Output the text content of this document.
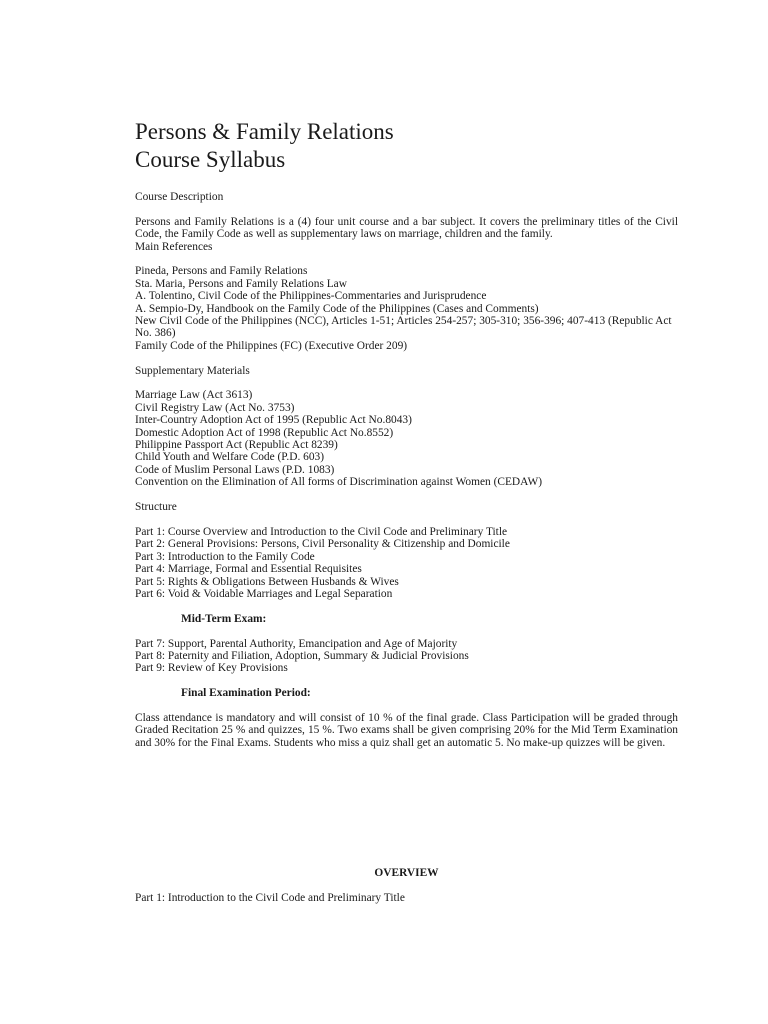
Persons & Family Relations
Course Syllabus

Course Description

Persons and Family Relations is a (4) four unit course and a bar subject. It covers the preliminary titles of the Civil Code, the Family Code as well as supplementary laws on marriage, children and the family.

Main References

Pineda, Persons and Family Relations
Sta. Maria, Persons and Family Relations Law
A. Tolentino, Civil Code of the Philippines-Commentaries and Jurisprudence
A. Sempio-Dy, Handbook on the Family Code of the Philippines (Cases and Comments)
New Civil Code of the Philippines (NCC), Articles 1-51; Articles 254-257; 305-310; 356-396; 407-413 (Republic Act No. 386)
Family Code of the Philippines (FC) (Executive Order 209)

Supplementary Materials

Marriage Law (Act 3613)
Civil Registry Law (Act No. 3753)
Inter-Country Adoption Act of 1995 (Republic Act No.8043)
Domestic Adoption Act of 1998 (Republic Act No.8552)
Philippine Passport Act (Republic Act 8239)
Child Youth and Welfare Code (P.D. 603)
Code of Muslim Personal Laws (P.D. 1083)
Convention on the Elimination of All forms of Discrimination against Women (CEDAW)

Structure

Part 1: Course Overview and Introduction to the Civil Code and Preliminary Title
Part 2: General Provisions: Persons, Civil Personality & Citizenship and Domicile
Part 3: Introduction to the Family Code
Part 4: Marriage, Formal and Essential Requisites
Part 5: Rights & Obligations Between Husbands & Wives
Part 6: Void & Voidable Marriages and Legal Separation

Mid-Term Exam:

Part 7: Support, Parental Authority, Emancipation and Age of Majority
Part 8: Paternity and Filiation, Adoption, Summary & Judicial Provisions
Part 9: Review of Key Provisions

Final Examination Period:

Class attendance is mandatory and will consist of 10 % of the final grade. Class Participation will be graded through Graded Recitation 25 % and quizzes, 15 %. Two exams shall be given comprising 20% for the Mid Term Examination and 30% for the Final Exams. Students who miss a quiz shall get an automatic 5. No make-up quizzes will be given.

OVERVIEW

Part 1: Introduction to the Civil Code and Preliminary Title
